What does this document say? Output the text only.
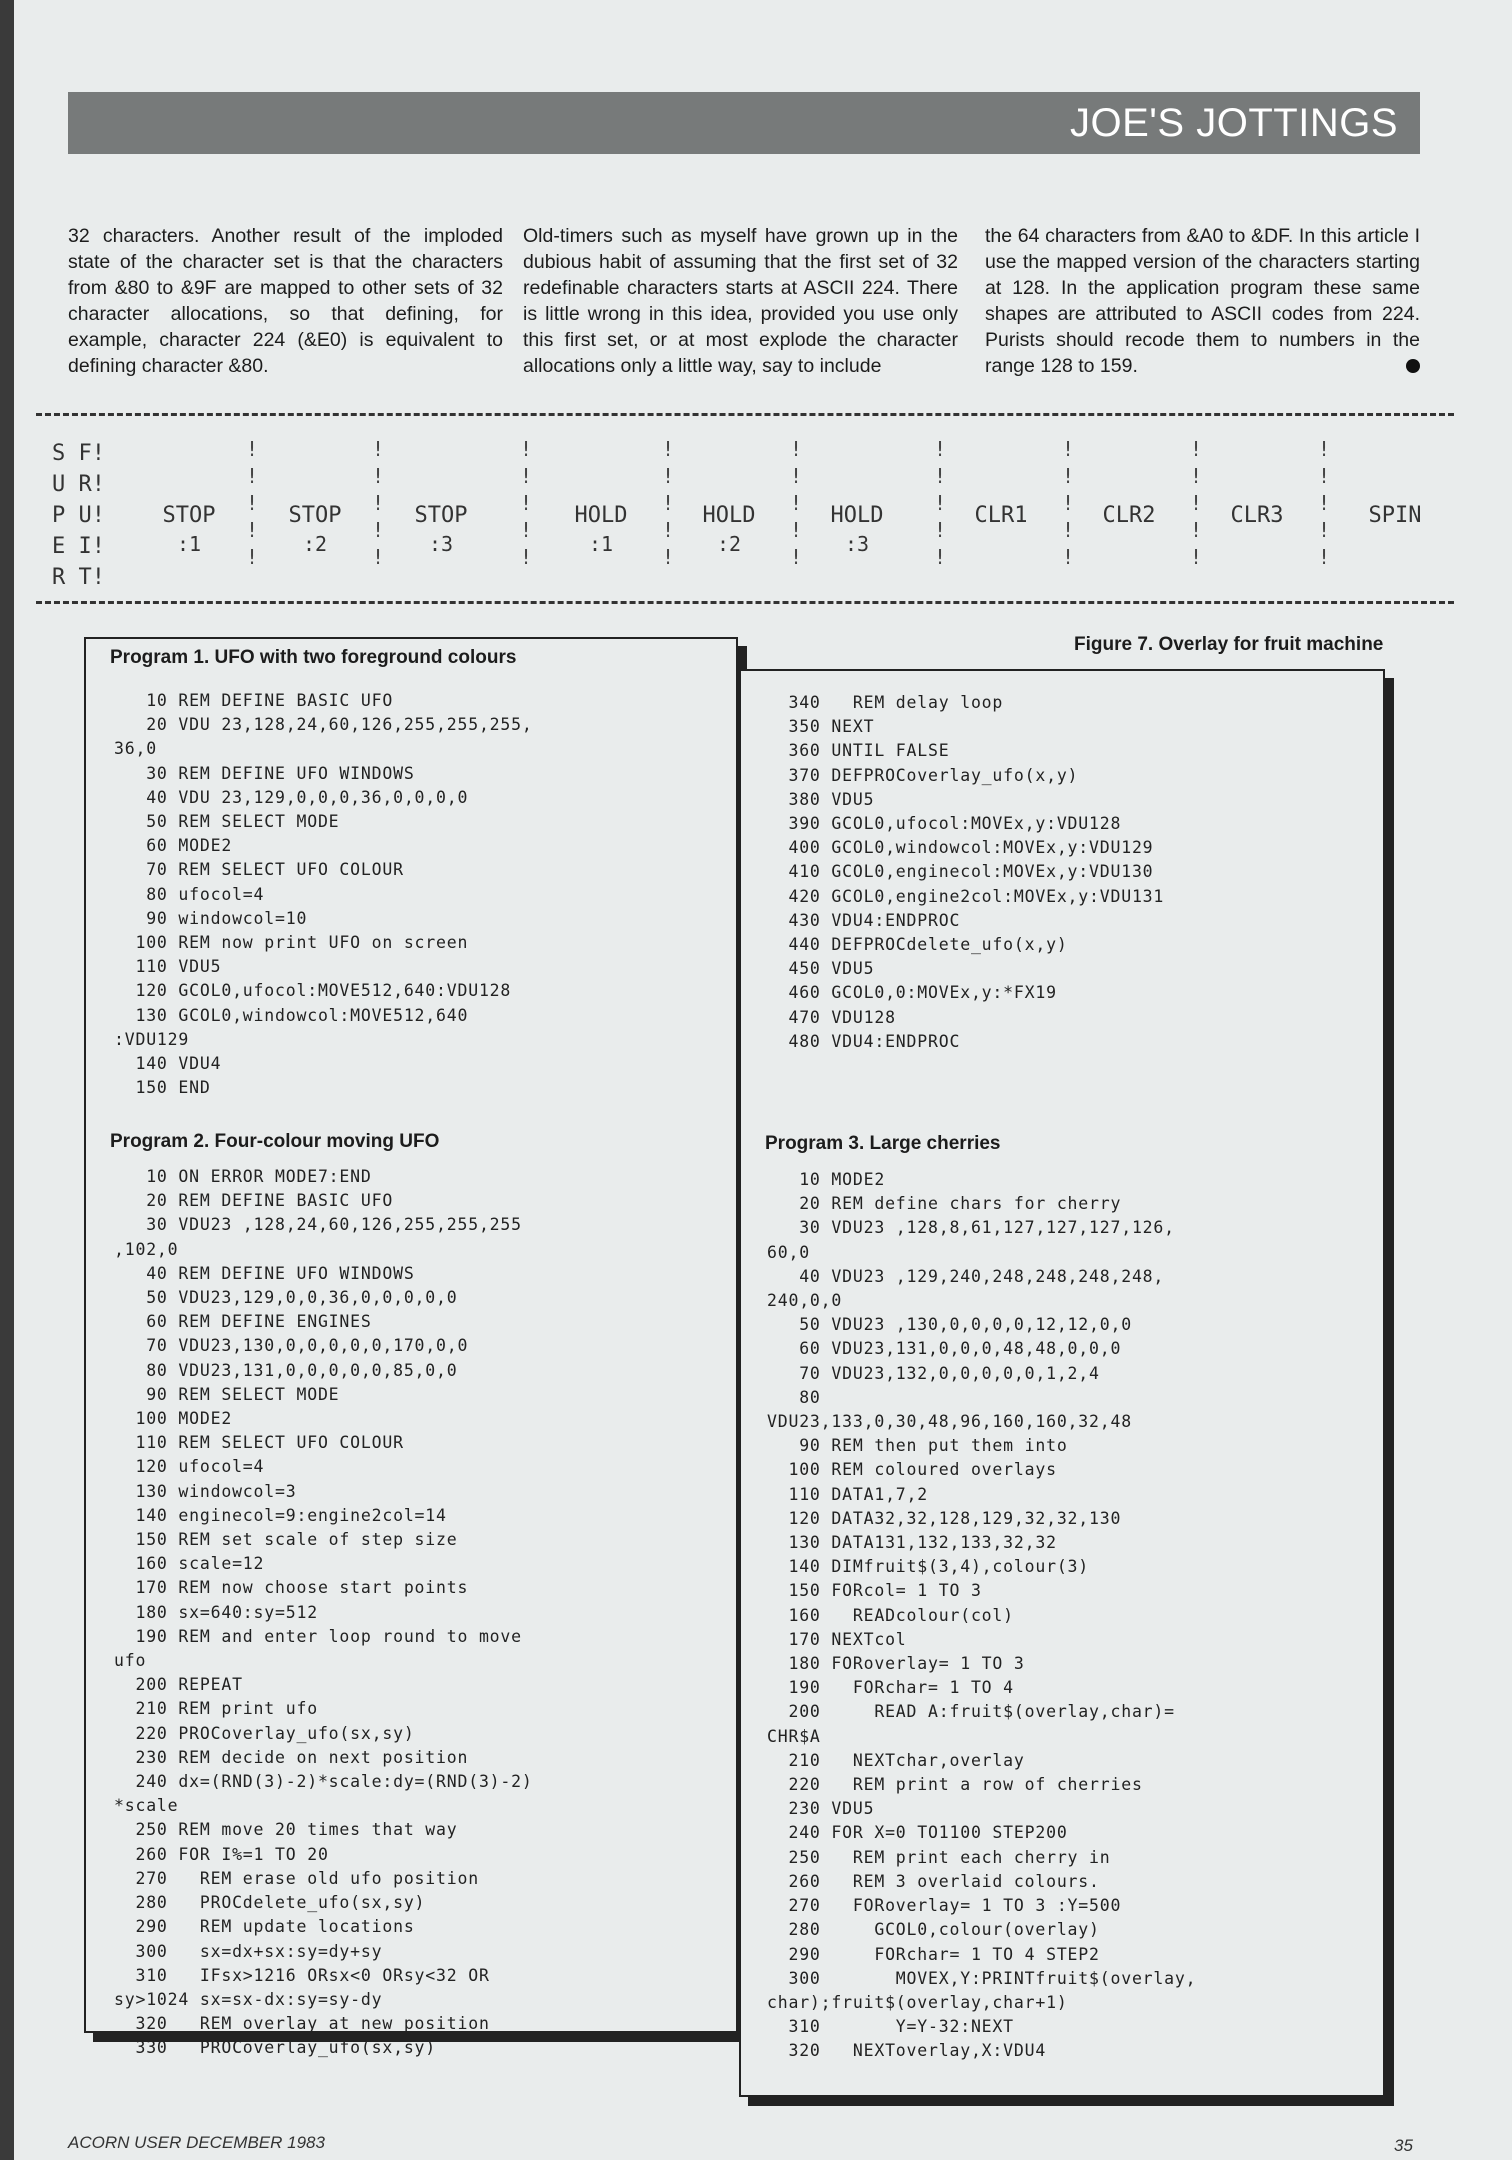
JOE'S JOTTINGS

32 characters. Another result of the imploded state of the character set is that the characters from &80 to &9F are mapped to other sets of 32 character allocations, so that defining, for example, character 224 (&E0) is equivalent to defining character &80.

Old-timers such as myself have grown up in the dubious habit of assuming that the first set of 32 redefinable characters starts at ASCII 224. There is little wrong in this idea, provided you use only this first set, or at most explode the character allocations only a little way, say to include

the 64 characters from &A0 to &DF. In this article I use the mapped version of the characters starting at 128. In the application program these same shapes are attributed to ASCII codes from 224. Purists should recode them to numbers in the range 128 to 159.

S F!
U R!
P U!
E I!
R T!
STOP
:1
!
!
!
!
!
STOP
:2
!
!
!
!
!
STOP
:3
!
!
!
!
!
HOLD
:1
!
!
!
!
!
HOLD
:2
!
!
!
!
!
HOLD
:3
!
!
!
!
!
CLR1
!
!
!
!
!
CLR2
!
!
!
!
!
CLR3
!
!
!
!
!
SPIN
Figure 7. Overlay for fruit machine
Program 1. UFO with two foreground colours
10 REM DEFINE BASIC UFO
20 VDU 23,128,24,60,126,255,255,255,
36,0
30 REM DEFINE UFO WINDOWS
40 VDU 23,129,0,0,0,36,0,0,0,0
50 REM SELECT MODE
60 MODE2
70 REM SELECT UFO COLOUR
80 ufocol=4
90 windowcol=10
100 REM now print UFO on screen
110 VDU5
120 GCOL0,ufocol:MOVE512,640:VDU128
130 GCOL0,windowcol:MOVE512,640
:VDU129
140 VDU4
150 END
Program 2. Four-colour moving UFO
10 ON ERROR MODE7:END
20 REM DEFINE BASIC UFO
30 VDU23 ,128,24,60,126,255,255,255
,102,0
40 REM DEFINE UFO WINDOWS
50 VDU23,129,0,0,36,0,0,0,0,0
60 REM DEFINE ENGINES
70 VDU23,130,0,0,0,0,0,170,0,0
80 VDU23,131,0,0,0,0,0,85,0,0
90 REM SELECT MODE
100 MODE2
110 REM SELECT UFO COLOUR
120 ufocol=4
130 windowcol=3
140 enginecol=9:engine2col=14
150 REM set scale of step size
160 scale=12
170 REM now choose start points
180 sx=640:sy=512
190 REM and enter loop round to move
ufo
200 REPEAT
210 REM print ufo
220 PROCoverlay_ufo(sx,sy)
230 REM decide on next position
240 dx=(RND(3)-2)*scale:dy=(RND(3)-2)
*scale
250 REM move 20 times that way
260 FOR I%=1 TO 20
270   REM erase old ufo position
280   PROCdelete_ufo(sx,sy)
290   REM update locations
300   sx=dx+sx:sy=dy+sy
310   IFsx>1216 ORsx<0 ORsy<32 OR
sy>1024 sx=sx-dx:sy=sy-dy
320   REM overlay at new position
330   PROCoverlay_ufo(sx,sy)
340   REM delay loop
350 NEXT
360 UNTIL FALSE
370 DEFPROCoverlay_ufo(x,y)
380 VDU5
390 GCOL0,ufocol:MOVEx,y:VDU128
400 GCOL0,windowcol:MOVEx,y:VDU129
410 GCOL0,enginecol:MOVEx,y:VDU130
420 GCOL0,engine2col:MOVEx,y:VDU131
430 VDU4:ENDPROC
440 DEFPROCdelete_ufo(x,y)
450 VDU5
460 GCOL0,0:MOVEx,y:*FX19
470 VDU128
480 VDU4:ENDPROC
Program 3. Large cherries
10 MODE2
20 REM define chars for cherry
30 VDU23 ,128,8,61,127,127,127,126,
60,0
40 VDU23 ,129,240,248,248,248,248,
240,0,0
50 VDU23 ,130,0,0,0,0,12,12,0,0
60 VDU23,131,0,0,0,48,48,0,0,0
70 VDU23,132,0,0,0,0,0,1,2,4
80
VDU23,133,0,30,48,96,160,160,32,48
90 REM then put them into
100 REM coloured overlays
110 DATA1,7,2
120 DATA32,32,128,129,32,32,130
130 DATA131,132,133,32,32
140 DIMfruit$(3,4),colour(3)
150 FORcol= 1 TO 3
160   READcolour(col)
170 NEXTcol
180 FORoverlay= 1 TO 3
190   FORchar= 1 TO 4
200     READ A:fruit$(overlay,char)=
CHR$A
210   NEXTchar,overlay
220   REM print a row of cherries
230 VDU5
240 FOR X=0 TO1100 STEP200
250   REM print each cherry in
260   REM 3 overlaid colours.
270   FORoverlay= 1 TO 3 :Y=500
280     GCOL0,colour(overlay)
290     FORchar= 1 TO 4 STEP2
300       MOVEX,Y:PRINTfruit$(overlay,
char);fruit$(overlay,char+1)
310       Y=Y-32:NEXT
320   NEXToverlay,X:VDU4
ACORN USER DECEMBER 1983	35
